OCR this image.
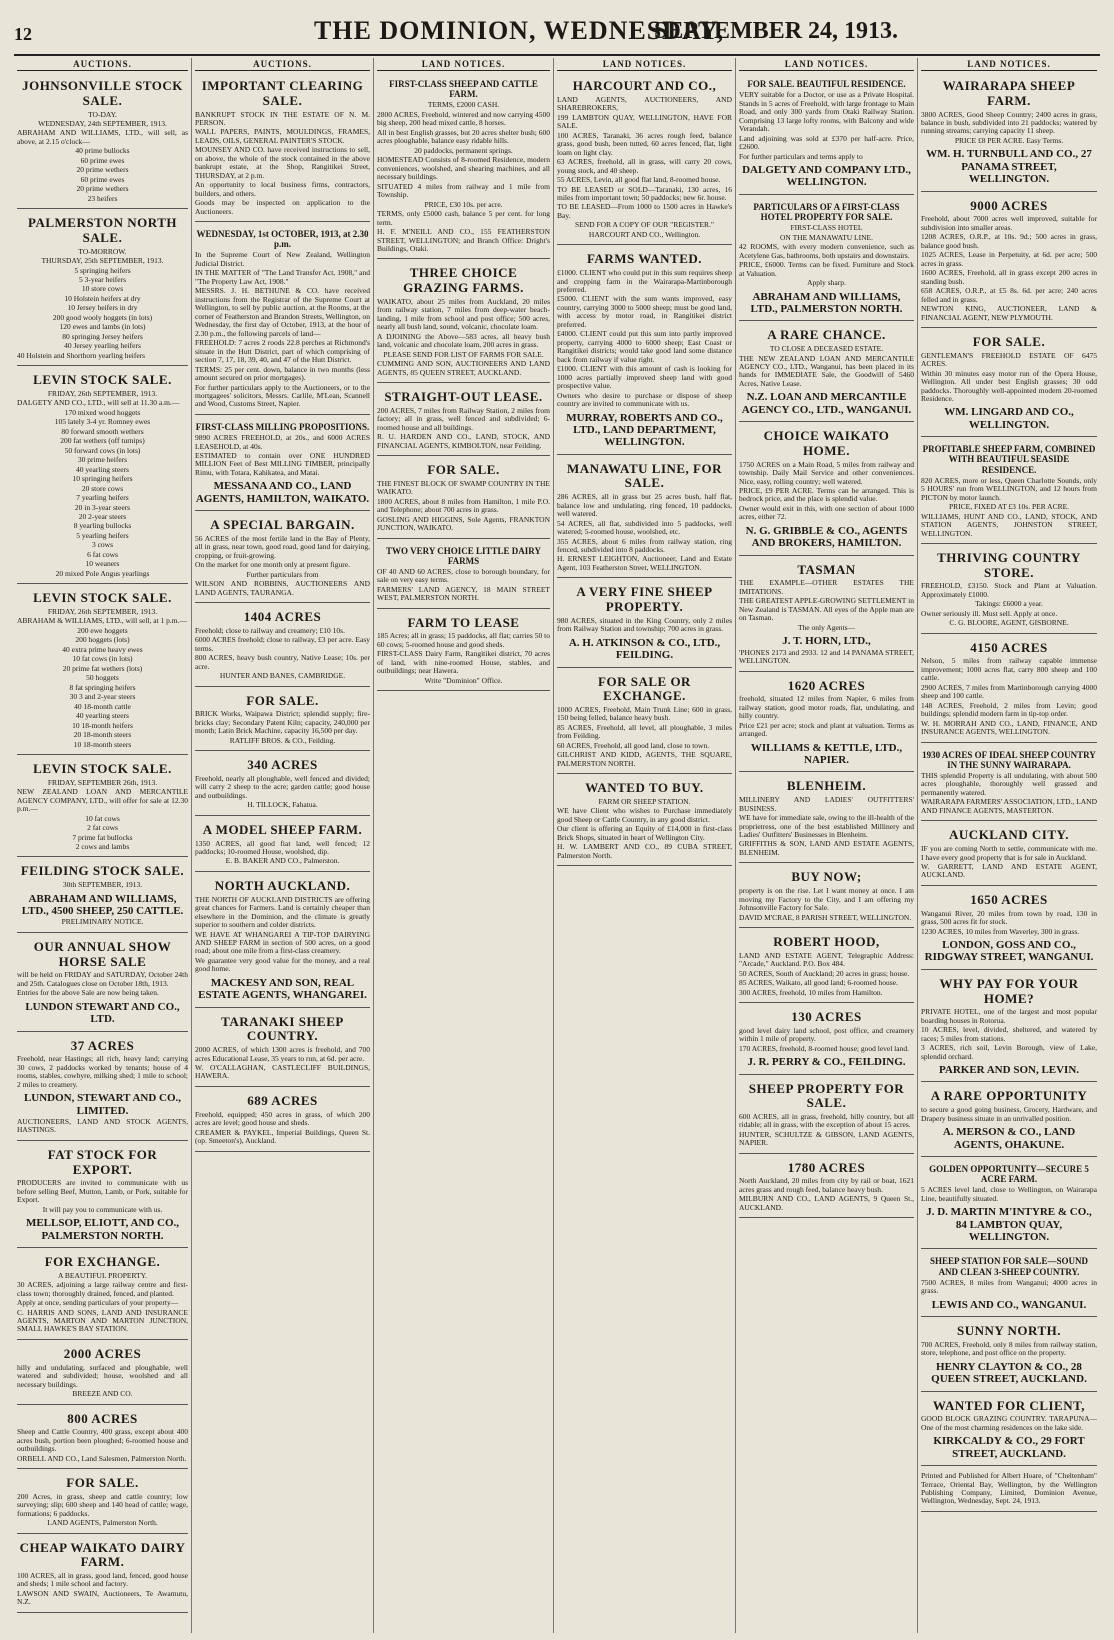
12	THE DOMINION, WEDNESDAY,
SEPTEMBER 24, 1913.
AUCTIONS.
JOHNSONVILLE STOCK SALE.
TO-DAY.
WEDNESDAY, 24th SEPTEMBER, 1913.
ABRAHAM AND WILLIAMS, LTD., will sell, as above, at 2.15 o'clock—
40 prime bullocks
60 prime ewes
20 prime wethers
60 prime ewes
20 prime wethers
23 heifers
PALMERSTON NORTH SALE.
TO-MORROW.
THURSDAY, 25th SEPTEMBER, 1913.
5 springing heifers
5 3-year heifers
10 store cows
10 Holstein heifers at dry
10 Jersey heifers in dry
200 good wooly hoggets (in lots)
120 ewes and lambs (in lots)
80 springing Jersey heifers
40 Jersey yearling heifers
40 Holstein and Shorthorn yearling heifers
LEVIN STOCK SALE.
FRIDAY, 26th SEPTEMBER, 1913.
DALGETY AND CO., LTD., will sell at 11.30 a.m.—
170 mixed wood hoggets
105 lately 3-4 yr. Romney ewes
80 forward smooth wethers
200 fat wethers (off turnips)
50 forward cows (in lots)
30 prime heifers
40 yearling steers
10 springing heifers
20 store cows
7 yearling heifers
20 in 3-year steers
20 2-year steers
8 yearling bullocks
5 yearling heifers
3 cows
6 fat cows
10 weaners
20 mixed Pole Angus yearlings
LEVIN STOCK SALE.
FRIDAY, 26th SEPTEMBER, 1913.
ABRAHAM & WILLIAMS, LTD., will sell, at 1 p.m.—
200 ewe hoggets
200 hoggets (lots)
40 extra prime heavy ewes
10 fat cows (in lots)
20 prime fat wethers (lots)
50 hoggets
8 fat springing heifers
30 3 and 2-year steers
40 18-month cattle
40 yearling steers
10 18-month heifers
20 18-month steers
10 18-month steers
LEVIN STOCK SALE.
FRIDAY, SEPTEMBER 26th, 1913.
NEW ZEALAND LOAN AND MERCANTILE AGENCY COMPANY, LTD., will offer for sale at 12.30 p.m.—
10 fat cows
2 fat cows
7 prime fat bullocks
2 cows and lambs
FEILDING STOCK SALE.
30th SEPTEMBER, 1913.
ABRAHAM AND WILLIAMS, LTD., 4500 SHEEP, 250 CATTLE.
PRELIMINARY NOTICE.
OUR ANNUAL SHOW HORSE SALE
will be held on FRIDAY and SATURDAY, October 24th and 25th. Catalogues close on October 18th, 1913.
Entries for the above Sale are now being taken.
LUNDON STEWART AND CO., LTD.
37 ACRES
Freehold, near Hastings; all rich, heavy land; carrying 30 cows, 2 paddocks worked by tenants; house of 4 rooms, stables, cowbyre, milking shed; 1 mile to school; 2 miles to creamery.
LUNDON, STEWART AND CO., LIMITED.
AUCTIONEERS, LAND AND STOCK AGENTS, HASTINGS.
FAT STOCK FOR EXPORT.
PRODUCERS are invited to communicate with us before selling Beef, Mutton, Lamb, or Pork, suitable for Export.
It will pay you to communicate with us.
MELLSOP, ELIOTT, AND CO., PALMERSTON NORTH.
FOR EXCHANGE.
A BEAUTIFUL PROPERTY.
30 ACRES, adjoining a large railway centre and first-class town; thoroughly drained, fenced, and planted.
Apply at once, sending particulars of your property—
C. HARRIS AND SONS, LAND AND INSURANCE AGENTS, MARTON AND MARTON JUNCTION, SMALL HAWKE'S BAY STATION.
2000 ACRES
hilly and undulating, surfaced and ploughable, well watered and subdivided; house, woolshed and all necessary buildings.
BREEZE AND CO.
800 ACRES
Sheep and Cattle Country, 400 grass, except about 400 acres bush, portion been ploughed; 6-roomed house and outbuildings.
ORBELL AND CO., Land Salesmen, Palmerston North.
FOR SALE.
200 Acres, in grass, sheep and cattle country; low surveying; slip; 600 sheep and 140 head of cattle; wage, formations; 6 paddocks.
LAND AGENTS, Palmerston North.
CHEAP WAIKATO DAIRY FARM.
100 ACRES, all in grass, good land, fenced, good house and sheds; 1 mile school and factory.
LAWSON AND SWAIN, Auctioneers, Te Awamutu, N.Z.
AUCTIONS.
IMPORTANT CLEARING SALE.
BANKRUPT STOCK IN THE ESTATE OF N. M. PERSON.
WALL PAPERS, PAINTS, MOULDINGS, FRAMES, LEADS, OILS, GENERAL PAINTER'S STOCK.
MOUNSEY AND CO. have received instructions to sell, on above, the whole of the stock contained in the above bankrupt estate, at the Shop, Rangitikei Street, THURSDAY, at 2 p.m.
An opportunity to local business firms, contractors, builders, and others.
Goods may be inspected on application to the Auctioneers.
WEDNESDAY, 1st OCTOBER, 1913, at 2.30 p.m.
In the Supreme Court of New Zealand, Wellington Judicial District.
IN THE MATTER of "The Land Transfer Act, 1908," and "The Property Law Act, 1908."
MESSRS. J. H. BETHUNE & CO. have received instructions from the Registrar of the Supreme Court at Wellington, to sell by public auction, at the Rooms, at the corner of Featherston and Brandon Streets, Wellington, on Wednesday, the first day of October, 1913, at the hour of 2.30 p.m., the following parcels of land—
FREEHOLD: 7 acres 2 roods 22.8 perches at Richmond's situate in the Hutt District, part of which comprising of section 7, 17, 18, 39, 40, and 47 of the Hutt District.
TERMS: 25 per cent. down, balance in two months (less amount secured on prior mortgages).
For further particulars apply to the Auctioneers, or to the mortgagees' solicitors, Messrs. Carlile, M'Lean, Scannell and Wood, Customs Street, Napier.
FIRST-CLASS MILLING PROPOSITIONS.
9890 ACRES FREEHOLD, at 20s., and 6000 ACRES LEASEHOLD, at 40s.
ESTIMATED to contain over ONE HUNDRED MILLION Feet of Best MILLING TIMBER, principally Rimu, with Totara, Kahikatea, and Matai.
MESSANA AND CO., LAND AGENTS, HAMILTON, WAIKATO.
A SPECIAL BARGAIN.
56 ACRES of the most fertile land in the Bay of Plenty, all in grass, near town, good road, good land for dairying, cropping, or fruit-growing.
On the market for one month only at present figure.
Further particulars from
WILSON AND ROBBINS, AUCTIONEERS AND LAND AGENTS, TAURANGA.
1404 ACRES
Freehold; close to railway and creamery; £10 10s.
6000 ACRES freehold; close to railway, £3 per acre. Easy terms.
800 ACRES, heavy bush country, Native Lease; 10s. per acre.
HUNTER AND BANES, CAMBRIDGE.
FOR SALE.
BRICK Works, Waipawa District; splendid supply; fire-bricks clay; Secondary Patent Kiln; capacity, 240,000 per month; Latin Brick Machine, capacity 16,500 per day.
RATLIFF BROS. & CO., Feilding.
340 ACRES
Freehold, nearly all ploughable, well fenced and divided; will carry 2 sheep to the acre; garden cattle; good house and outbuildings.
H. TILLOCK, Fahatua.
A MODEL SHEEP FARM.
1350 ACRES, all good fiat land, well fenced; 12 paddocks; 10-roomed House, woolshed, dip.
E. B. BAKER AND CO., Palmerston.
NORTH AUCKLAND.
THE NORTH OF AUCKLAND DISTRICTS are offering great chances for Farmers. Land is certainly cheaper than elsewhere in the Dominion, and the climate is greatly superior to southern and colder districts.
WE HAVE AT WHANGAREI A TIP-TOP DAIRYING AND SHEEP FARM in section of 500 acres, on a good road; about one mile from a first-class creamery.
We guarantee very good value for the money, and a real good home.
MACKESY AND SON, REAL ESTATE AGENTS, WHANGAREI.
TARANAKI SHEEP COUNTRY.
2000 ACRES, of which 1300 acres is freehold, and 700 acres Educational Lease, 35 years to run, at 6d. per acre.
W. O'CALLAGHAN, CASTLECLIFF BUILDINGS, HAWERA.
689 ACRES
Freehold, equipped; 450 acres in grass, of which 200 acres are level; good house and sheds.
CREAMER & PAYKEL, Imperial Buildings, Queen St. (op. Smeeton's), Auckland.
LAND NOTICES.
FIRST-CLASS SHEEP AND CATTLE FARM.
TERMS, £2000 CASH.
2800 ACRES, Freehold, wintered and now carrying 4500 big sheep, 200 head mixed cattle, 8 horses.
All in best English grasses, but 20 acres shelter bush; 600 acres ploughable, balance easy ridable hills.
20 paddocks, permanent springs.
HOMESTEAD Consists of 8-roomed Residence, modern conveniences, woolshed, and shearing machines, and all necessary buildings.
SITUATED 4 miles from railway and 1 mile from Township.
PRICE, £30 10s. per acre.
TERMS, only £5000 cash, balance 5 per cent. for long term.
H. F. M'NEILL AND CO., 155 FEATHERSTON STREET, WELLINGTON; and Branch Office: Dright's Buildings, Otaki.
THREE CHOICE GRAZING FARMS.
WAIKATO, about 25 miles from Auckland, 20 miles from railway station, 7 miles from deep-water beach-landing, 1 mile from school and post office; 500 acres, nearly all bush land, sound, volcanic, chocolate loam.
A DJOINING the Above—583 acres, all heavy bush land, volcanic and chocolate loam, 200 acres in grass.
PLEASE SEND FOR LIST OF FARMS FOR SALE.
CUMMING AND SON, AUCTIONEERS AND LAND AGENTS, 85 QUEEN STREET, AUCKLAND.
STRAIGHT-OUT LEASE.
200 ACRES, 7 miles from Railway Station, 2 miles from factory; all in grass, well fenced and subdivided; 6-roomed house and all buildings.
R. U. HARDEN AND CO., LAND, STOCK, AND FINANCIAL AGENTS, KIMBOLTON, near Feilding.
FOR SALE.
THE FINEST BLOCK OF SWAMP COUNTRY IN THE WAIKATO.
1800 ACRES, about 8 miles from Hamilton, 1 mile P.O. and Telephone; about 700 acres in grass.
GOSLING AND HIGGINS, Sole Agents, FRANKTON JUNCTION, WAIKATO.
TWO VERY CHOICE LITTLE DAIRY FARMS
OF 40 AND 60 ACRES, close to borough boundary, for sale on very easy terms.
FARMERS' LAND AGENCY, 18 MAIN STREET WEST, PALMERSTON NORTH.
FARM TO LEASE
185 Acres; all in grass; 15 paddocks, all flat; carries 50 to 60 cows; 5-roomed house and good sheds.
FIRST-CLASS Dairy Farm, Rangitikei district, 70 acres of land, with nine-roomed House, stables, and outbuildings; near Hawera.
Write "Dominion" Office.
LAND NOTICES.
HARCOURT AND CO.,
LAND AGENTS, AUCTIONEERS, AND SHAREBROKERS,
199 LAMBTON QUAY, WELLINGTON, HAVE FOR SALE.
100 ACRES, Taranaki, 36 acres rough feed, balance grass, good bush, been tutted, 60 acres fenced, flat, light loam on light clay.
63 ACRES, freehold, all in grass, will carry 20 cows, young stock, and 40 sheep.
55 ACRES, Levin, all good flat land, 8-roomed house.
TO BE LEASED or SOLD—Taranaki, 130 acres, 16 miles from important town; 50 paddocks; new 6r. house.
TO BE LEASED—From 1000 to 1500 acres in Hawke's Bay.
SEND FOR A COPY OF OUR "REGISTER."
HARCOURT AND CO., Wellington.
FARMS WANTED.
£1000. CLIENT who could put in this sum requires sheep and cropping farm in the Wairarapa-Martinborough preferred.
£5000. CLIENT with the sum wants improved, easy country, carrying 3000 to 5000 sheep; must be good land, with access by motor road, in Rangitikei district preferred.
£4000. CLIENT could put this sum into partly improved property, carrying 4000 to 6000 sheep; East Coast or Rangitikei districts; would take good land some distance back from railway if value right.
£1000. CLIENT with this amount of cash is looking for 1000 acres partially improved sheep land with good prospective value.
Owners who desire to purchase or dispose of sheep country are invited to communicate with us.
MURRAY, ROBERTS AND CO., LTD., LAND DEPARTMENT, WELLINGTON.
MANAWATU LINE, FOR SALE.
286 ACRES, all in grass but 25 acres bush, half flat, balance low and undulating, ring fenced, 10 paddocks, well watered.
54 ACRES, all flat, subdivided into 5 paddocks, well watered; 5-roomed house, woolshed, etc.
355 ACRES, about 6 miles from railway station, ring fenced, subdivided into 8 paddocks.
H. ERNEST LEIGHTON, Auctioneer, Land and Estate Agent, 103 Featherston Street, WELLINGTON.
A VERY FINE SHEEP PROPERTY.
980 ACRES, situated in the King Country, only 2 miles from Railway Station and township; 700 acres in grass.
A. H. ATKINSON & CO., LTD., FEILDING.
FOR SALE OR EXCHANGE.
1000 ACRES, Freehold, Main Trunk Line; 600 in grass, 150 being felled, balance heavy bush.
85 ACRES, Freehold, all level, all ploughable, 3 miles from Feilding.
60 ACRES, Freehold, all good land, close to town.
GILCHRIST AND KIDD, AGENTS, THE SQUARE, PALMERSTON NORTH.
WANTED TO BUY.
FARM OR SHEEP STATION.
WE have Client who wishes to Purchase immediately good Sheep or Cattle Country, in any good district.
Our client is offering an Equity of £14,000 in first-class Brick Shops, situated in heart of Wellington City.
H. W. LAMBERT AND CO., 89 CUBA STREET, Palmerston North.
LAND NOTICES.
FOR SALE. BEAUTIFUL RESIDENCE.
VERY suitable for a Doctor, or use as a Private Hospital. Stands in 5 acres of Freehold, with large frontage to Main Road, and only 300 yards from Otaki Railway Station. Comprising 13 large lofty rooms, with Balcony and wide Verandah.
Land adjoining was sold at £370 per half-acre. Price, £2600.
For further particulars and terms apply to
DALGETY AND COMPANY LTD., WELLINGTON.
PARTICULARS OF A FIRST-CLASS HOTEL PROPERTY FOR SALE.
FIRST-CLASS HOTEL
ON THE MANAWATU LINE.
42 ROOMS, with every modern convenience, such as Acetylene Gas, bathrooms, both upstairs and downstairs.
PRICE, £6000. Terms can be fixed. Furniture and Stock at Valuation.
Apply sharp.
ABRAHAM AND WILLIAMS, LTD., PALMERSTON NORTH.
A RARE CHANCE.
TO CLOSE A DECEASED ESTATE.
THE NEW ZEALAND LOAN AND MERCANTILE AGENCY CO., LTD., Wanganui, has been placed in its hands for IMMEDIATE Sale, the Goodwill of 5460 Acres, Native Lease.
N.Z. LOAN AND MERCANTILE AGENCY CO., LTD., WANGANUI.
CHOICE WAIKATO HOME.
1750 ACRES on a Main Road, 5 miles from railway and township. Daily Mail Service and other conveniences. Nice, easy, rolling country; well watered.
PRICE, £9 PER ACRE. Terms can be arranged. This is bedrock price, and the place is splendid value.
Owner would exit in this, with one section of about 1000 acres, either 72.
N. G. GRIBBLE & CO., AGENTS AND BROKERS, HAMILTON.
TASMAN
THE EXAMPLE—OTHER ESTATES THE IMITATIONS.
THE GREATEST APPLE-GROWING SETTLEMENT in New Zealand is TASMAN. All eyes of the Apple man are on Tasman.
The only Agents—
J. T. HORN, LTD.,
'PHONES 2173 and 2933. 12 and 14 PANAMA STREET, WELLINGTON.
1620 ACRES
freehold, situated 12 miles from Napier, 6 miles from railway station, good motor roads, flat, undulating, and hilly country.
Price £21 per acre; stock and plant at valuation. Terms as arranged.
WILLIAMS & KETTLE, LTD., NAPIER.
BLENHEIM.
MILLINERY AND LADIES' OUTFITTERS' BUSINESS.
WE have for immediate sale, owing to the ill-health of the proprietress, one of the best established Millinery and Ladies' Outfitters' Businesses in Blenheim.
GRIFFITHS & SON, LAND AND ESTATE AGENTS, BLENHEIM.
BUY NOW;
property is on the rise. Let I want money at once. I am moving my Factory to the City, and I am offering my Johnsonville Factory for Sale.
DAVID M'CRAE, 8 PARISH STREET, WELLINGTON.
ROBERT HOOD,
LAND AND ESTATE AGENT, Telegraphic Address: "Arcade," Auckland. P.O. Box 484.
50 ACRES, South of Auckland; 20 acres in grass; house.
85 ACRES, Waikato, all good land; 6-roomed house.
300 ACRES, freehold, 10 miles from Hamilton.
130 ACRES
good level dairy land school, post office, and creamery within 1 mile of property.
170 ACRES, freehold, 8-roomed house; good level land.
J. R. PERRY & CO., FEILDING.
SHEEP PROPERTY FOR SALE.
600 ACRES, all in grass, freehold, hilly country, but all ridable; all in grass, with the exception of about 15 acres.
HUNTER, SCHULTZE & GIBSON, LAND AGENTS, NAPIER.
1780 ACRES
North Auckland, 20 miles from city by rail or boat, 1621 acres grass and rough feed, balance heavy bush.
MILBURN AND CO., LAND AGENTS, 9 Queen St., AUCKLAND.
LAND NOTICES.
WAIRARAPA SHEEP FARM.
3800 ACRES, Good Sheep Country; 2400 acres in grass, balance in bush, subdivided into 21 paddocks; watered by running streams; carrying capacity 11 sheep.
PRICE £8 PER ACRE. Easy Terms.
WM. H. TURNBULL AND CO., 27 PANAMA STREET, WELLINGTON.
9000 ACRES
Freehold, about 7000 acres well improved, suitable for subdivision into smaller areas.
1208 ACRES, O.R.P., at 10s. 9d.; 500 acres in grass, balance good bush.
1025 ACRES, Lease in Perpetuity, at 6d. per acre; 500 acres in grass.
1600 ACRES, Freehold, all in grass except 200 acres in standing bush.
658 ACRES, O.R.P., at £5 8s. 6d. per acre; 240 acres felled and in grass.
NEWTON KING, AUCTIONEER, LAND & FINANCIAL AGENT, NEW PLYMOUTH.
FOR SALE.
GENTLEMAN'S FREEHOLD ESTATE OF 6475 ACRES.
Within 30 minutes easy motor run of the Opera House, Wellington. All under best English grasses; 30 odd paddocks. Thoroughly well-appointed modern 20-roomed Residence.
WM. LINGARD AND CO., WELLINGTON.
PROFITABLE SHEEP FARM, COMBINED WITH BEAUTIFUL SEASIDE RESIDENCE.
820 ACRES, more or less, Queen Charlotte Sounds, only 5 HOURS' run from WELLINGTON, and 12 hours from PICTON by motor launch.
PRICE, FIXED AT £3 10s. PER ACRE.
WILLIAMS, HUNT AND CO., LAND, STOCK, AND STATION AGENTS, JOHNSTON STREET, WELLINGTON.
THRIVING COUNTRY STORE.
FREEHOLD, £3150. Stock and Plant at Valuation. Approximately £1000.
Takings: £6000 a year.
Owner seriously ill. Must sell. Apply at once.
C. G. BLOORE, AGENT, GISBORNE.
4150 ACRES
Nelson, 5 miles from railway capable immense improvement; 1000 acres flat, carry 800 sheep and 100 cattle.
2900 ACRES, 7 miles from Martinborough carrying 4000 sheep and 100 cattle.
148 ACRES, Freehold, 2 miles from Levin; good buildings; splendid modern farm in tip-top order.
W. H. MORRAH AND CO., LAND, FINANCE, AND INSURANCE AGENTS, WELLINGTON.
1930 ACRES OF IDEAL SHEEP COUNTRY IN THE SUNNY WAIRARAPA.
THIS splendid Property is all undulating, with about 500 acres ploughable, thoroughly well grassed and permanently watered.
WAIRARAPA FARMERS' ASSOCIATION, LTD., LAND AND FINANCE AGENTS, MASTERTON.
AUCKLAND CITY.
IF you are coming North to settle, communicate with me. I have every good property that is for sale in Auckland.
W. GARRETT, LAND AND ESTATE AGENT, AUCKLAND.
1650 ACRES
Wanganui River, 20 miles from town by road, 130 in grass, 500 acres fit for stock.
1230 ACRES, 10 miles from Waverley, 300 in grass.
LONDON, GOSS AND CO., RIDGWAY STREET, WANGANUI.
WHY PAY FOR YOUR HOME?
PRIVATE HOTEL, one of the largest and most popular boarding houses in Rotorua.
10 ACRES, level, divided, sheltered, and watered by races; 5 miles from stations.
3 ACRES, rich soil, Levin Borough, view of Lake, splendid orchard.
PARKER AND SON, LEVIN.
A RARE OPPORTUNITY
to secure a good going business, Grocery, Hardware, and Drapery business situate in an unrivalled position.
A. MERSON & CO., LAND AGENTS, OHAKUNE.
GOLDEN OPPORTUNITY—SECURE 5 ACRE FARM.
5 ACRES level land, close to Wellington, on Wairarapa Line, beautifully situated.
J. D. MARTIN M'INTYRE & CO., 84 LAMBTON QUAY, WELLINGTON.
SHEEP STATION FOR SALE—SOUND AND CLEAN 3-SHEEP COUNTRY.
7500 ACRES, 8 miles from Wanganui; 4000 acres in grass.
LEWIS AND CO., WANGANUI.
SUNNY NORTH.
700 ACRES, Freehold, only 8 miles from railway station, store, telephone, and post office on the property.
HENRY CLAYTON & CO., 28 QUEEN STREET, AUCKLAND.
WANTED FOR CLIENT,
GOOD BLOCK GRAZING COUNTRY. TARAPUNA—One of the most charming residences on the lake side.
KIRKCALDY & CO., 29 FORT STREET, AUCKLAND.
Printed and Published for Albert Hoare, of "Cheltenham" Terrace, Oriental Bay, Wellington, by the Wellington Publishing Company, Limited, Dominion Avenue, Wellington, Wednesday, Sept. 24, 1913.
